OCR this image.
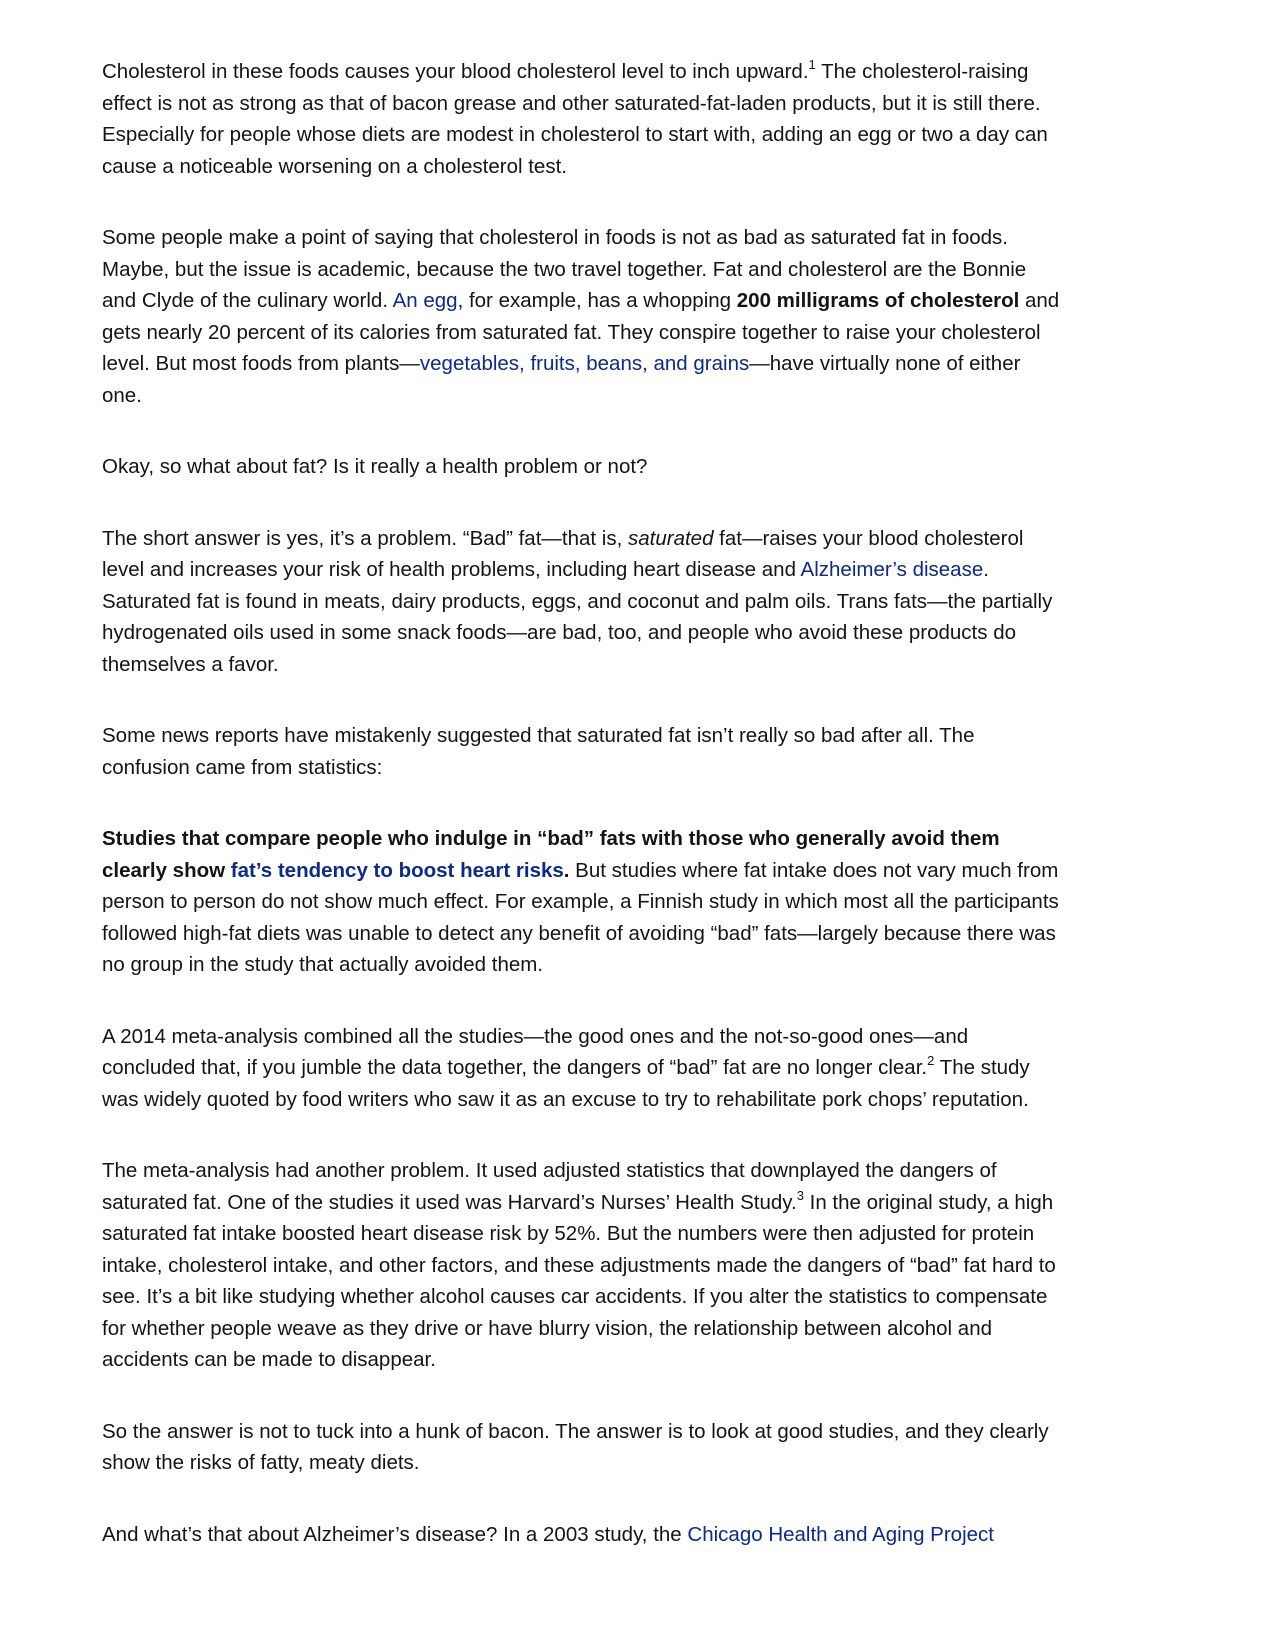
Cholesterol in these foods causes your blood cholesterol level to inch upward.$^1$ The cholesterol-raising effect is not as strong as that of bacon grease and other saturated-fat-laden products, but it is still there. Especially for people whose diets are modest in cholesterol to start with, adding an egg or two a day can cause a noticeable worsening on a cholesterol test.

Some people make a point of saying that cholesterol in foods is not as bad as saturated fat in foods. Maybe, but the issue is academic, because the two travel together. Fat and cholesterol are the Bonnie and Clyde of the culinary world. An egg, for example, has a whopping 200 milligrams of cholesterol and gets nearly 20 percent of its calories from saturated fat. They conspire together to raise your cholesterol level. But most foods from plants—vegetables, fruits, beans, and grains—have virtually none of either one.

Okay, so what about fat? Is it really a health problem or not?

The short answer is yes, it’s a problem. “Bad” fat—that is, saturated fat—raises your blood cholesterol level and increases your risk of health problems, including heart disease and Alzheimer’s disease. Saturated fat is found in meats, dairy products, eggs, and coconut and palm oils. Trans fats—the partially hydrogenated oils used in some snack foods—are bad, too, and people who avoid these products do themselves a favor.

Some news reports have mistakenly suggested that saturated fat isn’t really so bad after all. The confusion came from statistics:

Studies that compare people who indulge in “bad” fats with those who generally avoid them clearly show fat’s tendency to boost heart risks. But studies where fat intake does not vary much from person to person do not show much effect. For example, a Finnish study in which most all the participants followed high-fat diets was unable to detect any benefit of avoiding “bad” fats—largely because there was no group in the study that actually avoided them.

A 2014 meta-analysis combined all the studies—the good ones and the not-so-good ones—and concluded that, if you jumble the data together, the dangers of “bad” fat are no longer clear.$^2$ The study was widely quoted by food writers who saw it as an excuse to try to rehabilitate pork chops’ reputation.

The meta-analysis had another problem. It used adjusted statistics that downplayed the dangers of saturated fat. One of the studies it used was Harvard’s Nurses’ Health Study.$^3$ In the original study, a high saturated fat intake boosted heart disease risk by 52%. But the numbers were then adjusted for protein intake, cholesterol intake, and other factors, and these adjustments made the dangers of “bad” fat hard to see. It’s a bit like studying whether alcohol causes car accidents. If you alter the statistics to compensate for whether people weave as they drive or have blurry vision, the relationship between alcohol and accidents can be made to disappear.

So the answer is not to tuck into a hunk of bacon. The answer is to look at good studies, and they clearly show the risks of fatty, meaty diets.

And what’s that about Alzheimer’s disease? In a 2003 study, the Chicago Health and Aging Project
